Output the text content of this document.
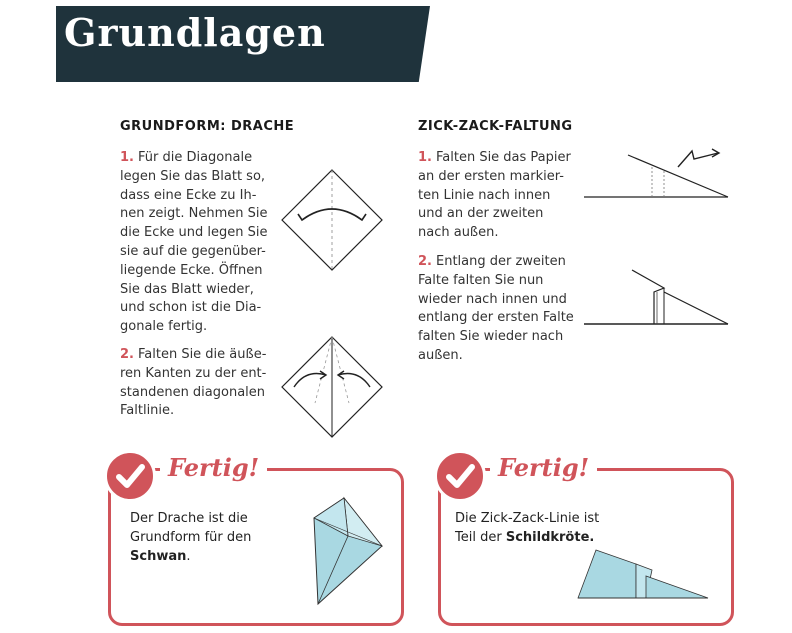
Grundlagen
GRUNDFORM: DRACHE
1. Für die Diagonale
legen Sie das Blatt so,
dass eine Ecke zu Ih-
nen zeigt. Nehmen Sie
die Ecke und legen Sie
sie auf die gegenüber-
liegende Ecke. Öffnen
Sie das Blatt wieder,
und schon ist die Dia-
gonale fertig.
2. Falten Sie die äuße-
ren Kanten zu der ent-
standenen diagonalen
Faltlinie.
ZICK-ZACK-FALTUNG
1. Falten Sie das Papier
an der ersten markier-
ten Linie nach innen
und an der zweiten
nach außen.
2. Entlang der zweiten
Falte falten Sie nun
wieder nach innen und
entlang der ersten Falte
falten Sie wieder nach
außen.
Fertig!
Der Drache ist die
Grundform für den
Schwan.
Fertig!
Die Zick-Zack-Linie ist
Teil der Schildkröte.
